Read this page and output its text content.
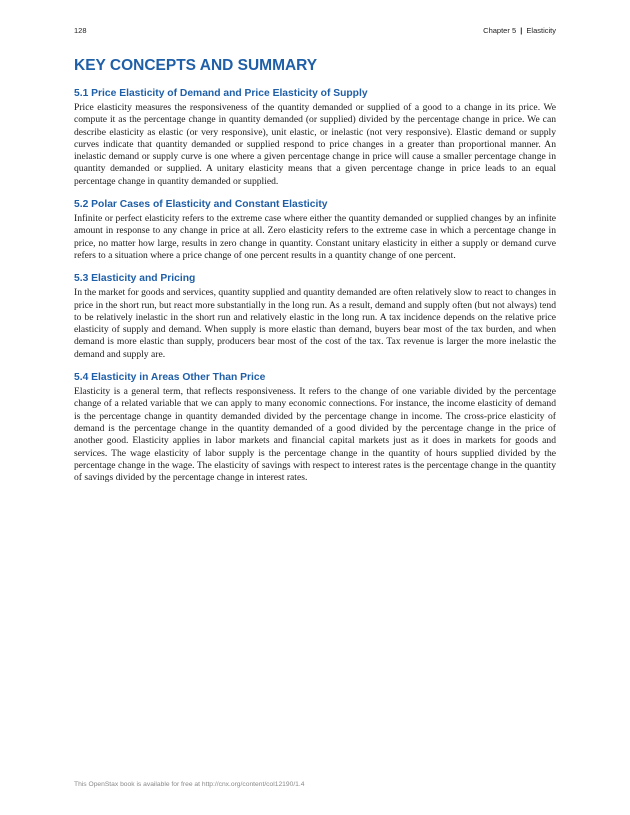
128	Chapter 5 | Elasticity
KEY CONCEPTS AND SUMMARY
5.1 Price Elasticity of Demand and Price Elasticity of Supply

Price elasticity measures the responsiveness of the quantity demanded or supplied of a good to a change in its price. We compute it as the percentage change in quantity demanded (or supplied) divided by the percentage change in price. We can describe elasticity as elastic (or very responsive), unit elastic, or inelastic (not very responsive). Elastic demand or supply curves indicate that quantity demanded or supplied respond to price changes in a greater than proportional manner. An inelastic demand or supply curve is one where a given percentage change in price will cause a smaller percentage change in quantity demanded or supplied. A unitary elasticity means that a given percentage change in price leads to an equal percentage change in quantity demanded or supplied.

5.2 Polar Cases of Elasticity and Constant Elasticity

Infinite or perfect elasticity refers to the extreme case where either the quantity demanded or supplied changes by an infinite amount in response to any change in price at all. Zero elasticity refers to the extreme case in which a percentage change in price, no matter how large, results in zero change in quantity. Constant unitary elasticity in either a supply or demand curve refers to a situation where a price change of one percent results in a quantity change of one percent.

5.3 Elasticity and Pricing

In the market for goods and services, quantity supplied and quantity demanded are often relatively slow to react to changes in price in the short run, but react more substantially in the long run. As a result, demand and supply often (but not always) tend to be relatively inelastic in the short run and relatively elastic in the long run. A tax incidence depends on the relative price elasticity of supply and demand. When supply is more elastic than demand, buyers bear most of the tax burden, and when demand is more elastic than supply, producers bear most of the cost of the tax. Tax revenue is larger the more inelastic the demand and supply are.

5.4 Elasticity in Areas Other Than Price

Elasticity is a general term, that reflects responsiveness. It refers to the change of one variable divided by the percentage change of a related variable that we can apply to many economic connections. For instance, the income elasticity of demand is the percentage change in quantity demanded divided by the percentage change in income. The cross-price elasticity of demand is the percentage change in the quantity demanded of a good divided by the percentage change in the price of another good. Elasticity applies in labor markets and financial capital markets just as it does in markets for goods and services. The wage elasticity of labor supply is the percentage change in the quantity of hours supplied divided by the percentage change in the wage. The elasticity of savings with respect to interest rates is the percentage change in the quantity of savings divided by the percentage change in interest rates.

This OpenStax book is available for free at http://cnx.org/content/col12190/1.4
